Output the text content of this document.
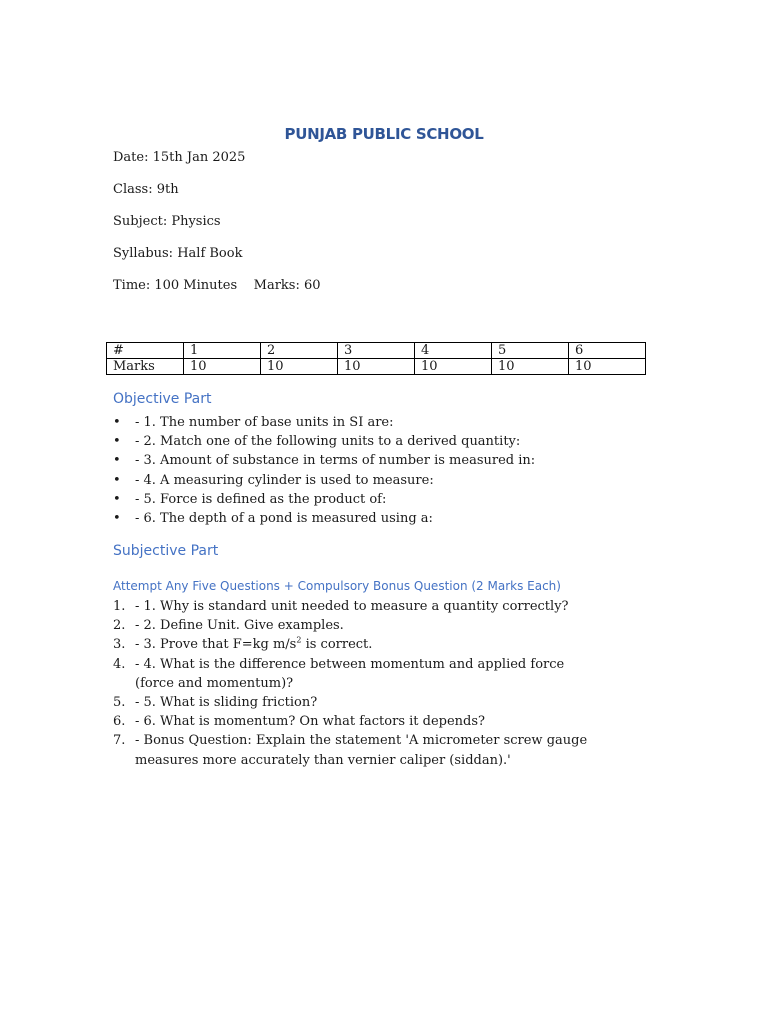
PUNJAB PUBLIC SCHOOL
Date: 15th Jan 2025
Class: 9th
Subject: Physics
Syllabus: Half Book
Time: 100 Minutes    Marks: 60
#	1	2	3	4	5	6
Marks	10	10	10	10	10	10
Objective Part
• - 1. The number of base units in SI are:
• - 2. Match one of the following units to a derived quantity:
• - 3. Amount of substance in terms of number is measured in:
• - 4. A measuring cylinder is used to measure:
• - 5. Force is defined as the product of:
• - 6. The depth of a pond is measured using a:
Subjective Part
Attempt Any Five Questions + Compulsory Bonus Question (2 Marks Each)
1. - 1. Why is standard unit needed to measure a quantity correctly?
2. - 2. Define Unit. Give examples.
3. - 3. Prove that F=kg $m/s^2$ is correct.
4. - 4. What is the difference between momentum and applied force (force and momentum)?
5. - 5. What is sliding friction?
6. - 6. What is momentum? On what factors it depends?
7. - Bonus Question: Explain the statement 'A micrometer screw gauge measures more accurately than vernier caliper (siddan).'
